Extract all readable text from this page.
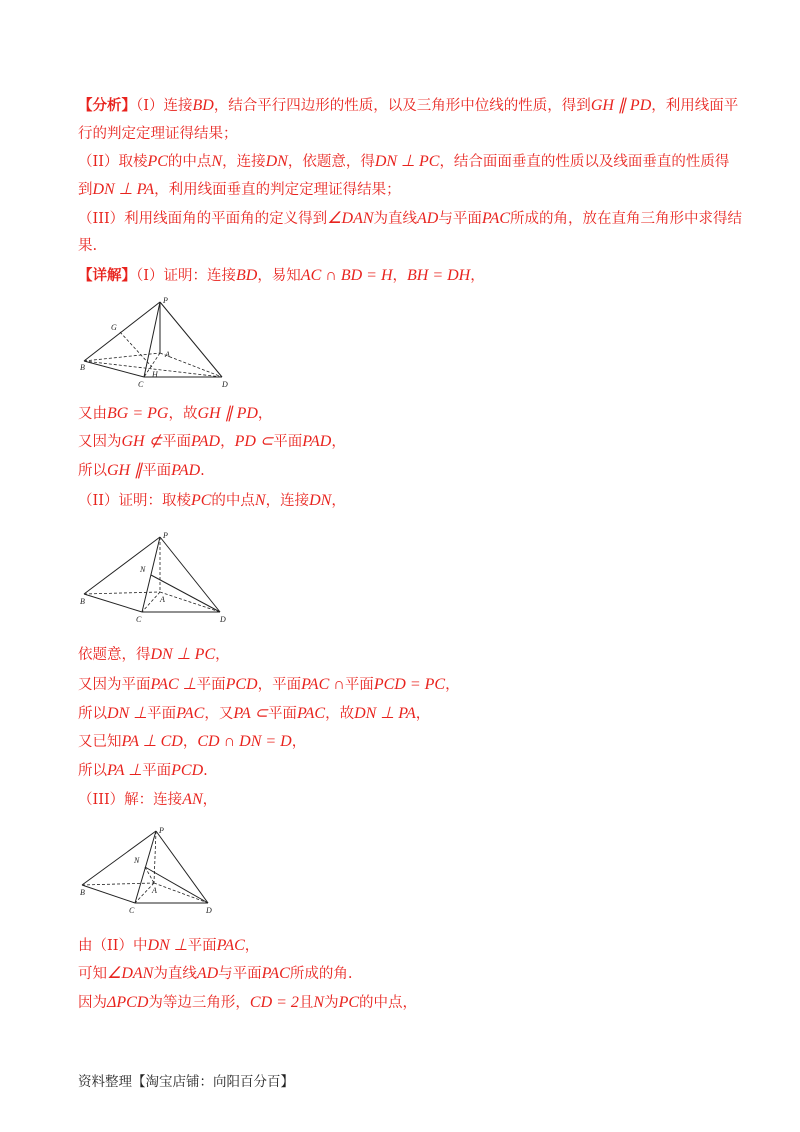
【分析】（I）连接BD，结合平行四边形的性质，以及三角形中位线的性质，得到GH ∥ PD，利用线面平
行的判定定理证得结果；
（II）取棱PC的中点N，连接DN，依题意，得DN ⊥ PC，结合面面垂直的性质以及线面垂直的性质得
到DN ⊥ PA，利用线面垂直的判定定理证得结果；
（III）利用线面角的平面角的定义得到∠DAN为直线AD与平面PAC所成的角，放在直角三角形中求得结
果.
【详解】（I）证明：连接BD，易知AC ∩ BD = H，BH = DH，
P
G
A
B
C
H
D
又由BG = PG，故GH ∥ PD，
又因为GH ⊄平面PAD，PD ⊂平面PAD，
所以GH ∥平面PAD.
（II）证明：取棱PC的中点N，连接DN，
P
N
A
B
C	D
依题意，得DN ⊥ PC，
又因为平面PAC ⊥平面PCD，平面PAC ∩平面PCD = PC，
所以DN ⊥平面PAC，又PA ⊂平面PAC，故DN ⊥ PA，
又已知PA ⊥ CD，CD ∩ DN = D，
所以PA ⊥平面PCD.
（III）解：连接AN，
P
N
A
B
C	D
由（II）中DN ⊥平面PAC，
可知∠DAN为直线AD与平面PAC所成的角.
因为ΔPCD为等边三角形，CD = 2且N为PC的中点，
资料整理【淘宝店铺：向阳百分百】
